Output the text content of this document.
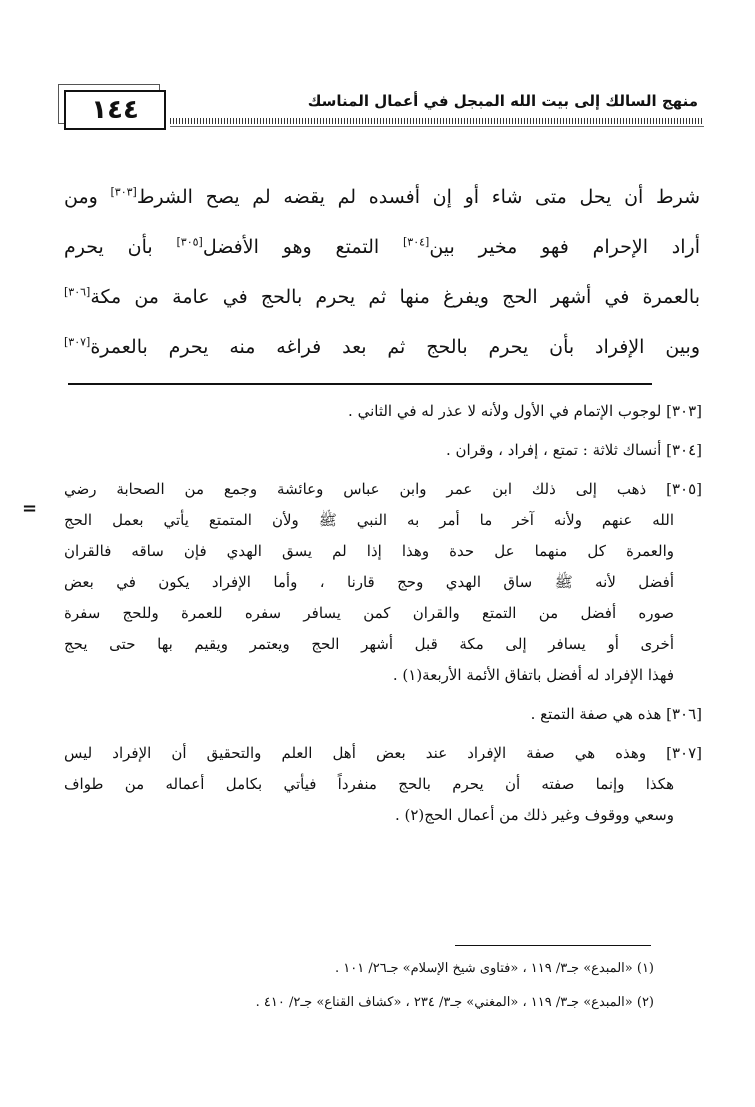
١٤٤	منهج السالك إلى بيت الله المبجل في أعمال المناسك
شرط أن يحل متى شاء أو إن أفسده لم يقضه لم يصح الشرط[٣٠٣] ومن
أراد الإحرام فهو مخير بين[٣٠٤] التمتع وهو الأفضل[٣٠٥] بأن يحرم
بالعمرة في أشهر الحج ويفرغ منها ثم يحرم بالحج في عامة من مكة[٣٠٦]
وبين الإفراد بأن يحرم بالحج ثم بعد فراغه منه يحرم بالعمرة[٣٠٧]
[٣٠٣] لوجوب الإتمام في الأول ولأنه لا عذر له في الثاني .
[٣٠٤] أنساك ثلاثة : تمتع ، إفراد ، وقران .
[٣٠٥] ذهب إلى ذلك ابن عمر وابن عباس وعائشة وجمع من الصحابة رضي
الله عنهم ولأنه آخر ما أمر به النبي ﷺ ولأن المتمتع يأتي بعمل الحج
والعمرة كل منهما عل حدة وهذا إذا لم يسق الهدي فإن ساقه فالقران
أفضل لأنه ﷺ ساق الهدي وحج قارنا ، وأما الإفراد يكون في بعض
صوره أفضل من التمتع والقران كمن يسافر سفره للعمرة وللحج سفرة
أخرى أو يسافر إلى مكة قبل أشهر الحج ويعتمر ويقيم بها حتى يحج
فهذا الإفراد له أفضل باتفاق الأئمة الأربعة(١) .
[٣٠٦] هذه هي صفة التمتع .
[٣٠٧] وهذه هي صفة الإفراد عند بعض أهل العلم والتحقيق أن الإفراد ليس
هكذا وإنما صفته أن يحرم بالحج منفرداً فيأتي بكامل أعماله من طواف
وسعي ووقوف وغير ذلك من أعمال الحج(٢) .
=
(١) «المبدع» جـ٣/ ١١٩ ، «فتاوى شيخ الإسلام» جـ٢٦/ ١٠١ .
(٢) «المبدع» جـ٣/ ١١٩ ، «المغني» جـ٣/ ٢٣٤ ، «كشاف القناع» جـ٢/ ٤١٠ .
